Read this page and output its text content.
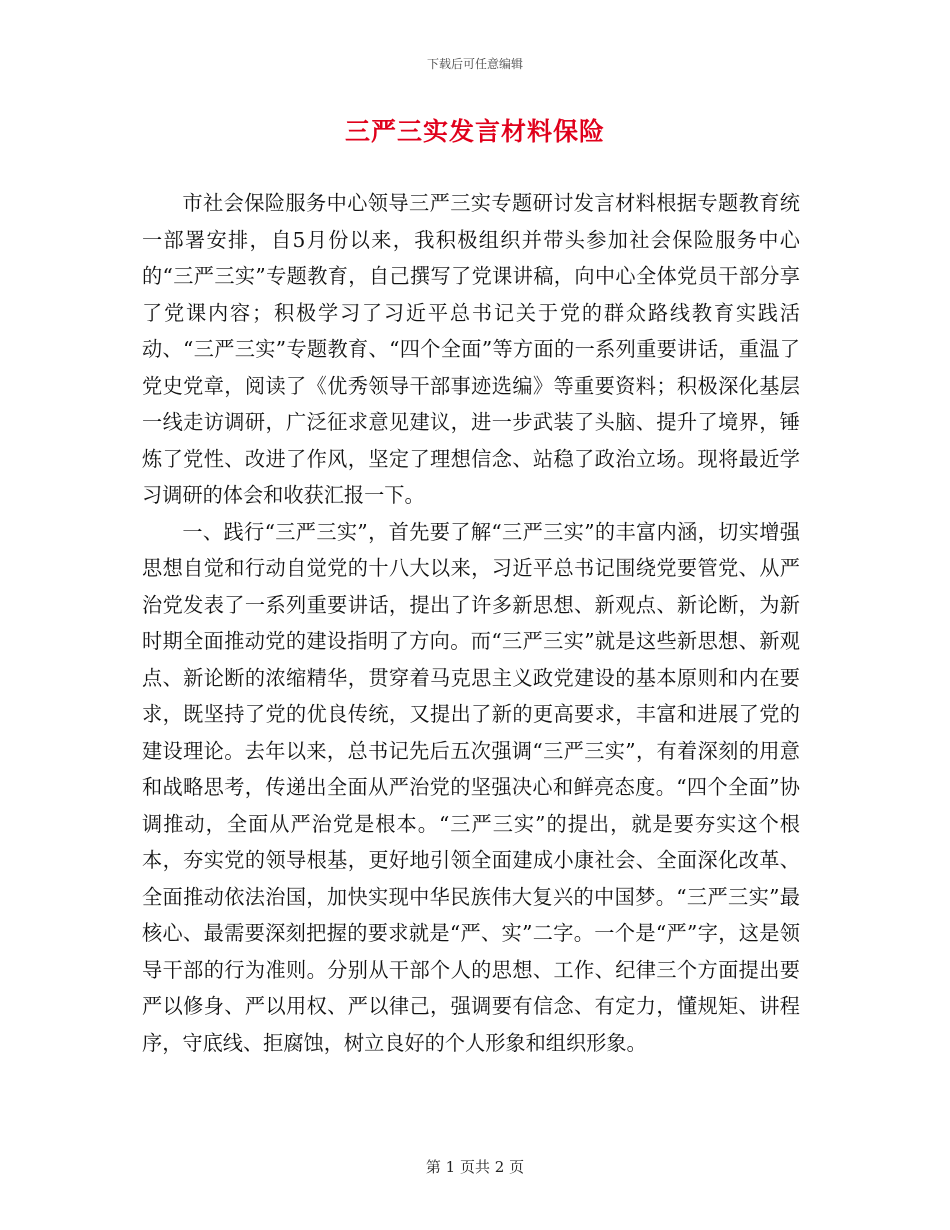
下载后可任意编辑
三严三实发言材料保险

市社会保险服务中心领导三严三实专题研讨发言材料根据专题教育统一部署安排，自5月份以来，我积极组织并带头参加社会保险服务中心的“三严三实”专题教育，自己撰写了党课讲稿，向中心全体党员干部分享了党课内容；积极学习了习近平总书记关于党的群众路线教育实践活动、“三严三实”专题教育、“四个全面”等方面的一系列重要讲话，重温了党史党章，阅读了《优秀领导干部事迹选编》等重要资料；积极深化基层一线走访调研，广泛征求意见建议，进一步武装了头脑、提升了境界，锤炼了党性、改进了作风，坚定了理想信念、站稳了政治立场。现将最近学习调研的体会和收获汇报一下。

一、践行“三严三实”，首先要了解“三严三实”的丰富内涵，切实增强思想自觉和行动自觉党的十八大以来，习近平总书记围绕党要管党、从严治党发表了一系列重要讲话，提出了许多新思想、新观点、新论断，为新时期全面推动党的建设指明了方向。而“三严三实”就是这些新思想、新观点、新论断的浓缩精华，贯穿着马克思主义政党建设的基本原则和内在要求，既坚持了党的优良传统，又提出了新的更高要求，丰富和进展了党的建设理论。去年以来，总书记先后五次强调“三严三实”，有着深刻的用意和战略思考，传递出全面从严治党的坚强决心和鲜亮态度。“四个全面”协调推动，全面从严治党是根本。“三严三实”的提出，就是要夯实这个根本，夯实党的领导根基，更好地引领全面建成小康社会、全面深化改革、全面推动依法治国，加快实现中华民族伟大复兴的中国梦。“三严三实”最核心、最需要深刻把握的要求就是“严、实”二字。一个是“严”字，这是领导干部的行为准则。分别从干部个人的思想、工作、纪律三个方面提出要严以修身、严以用权、严以律己，强调要有信念、有定力，懂规矩、讲程序，守底线、拒腐蚀，树立良好的个人形象和组织形象。

第 1 页共 2 页
